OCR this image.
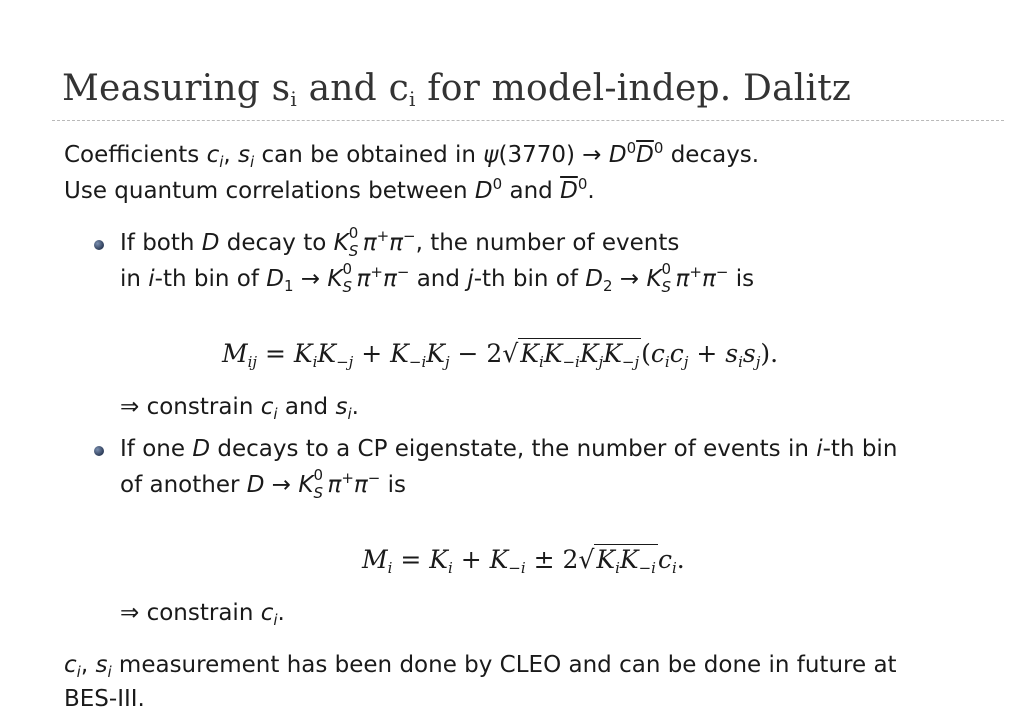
Measuring $s_i$ and $c_i$ for model-indep. Dalitz
Coefficients $c_i$, $s_i$ can be obtained in $\psi(3770) \to D^0\overline{D}^0$ decays.
Use quantum correlations between $D^0$ and $\overline{D}^0$.
If both D decay to K 0
S π+π−, the number of events
in i-th bin of $D_1 \to K$ 0
S π+π− and j-th bin of $D_2 \to K$ 0
S π+π− is
$M_{ij} = K_iK_{-j} + K_{-i}K_j - 2√K_iK_{-i}K_jK_{-j}(c_ic_j + s_is_j)$.
⇒ constrain $c_i$ and $s_i$.
If one D decays to a CP eigenstate, the number of events in i-th bin
of another D → K 0
S π+π− is
$M_i = K_i + K_{-i} \pm 2√K_iK_{-i}c_i$.
⇒ constrain $c_i$.
$c_i$, $s_i$ measurement has been done by CLEO and can be done in future at
BES-III.
